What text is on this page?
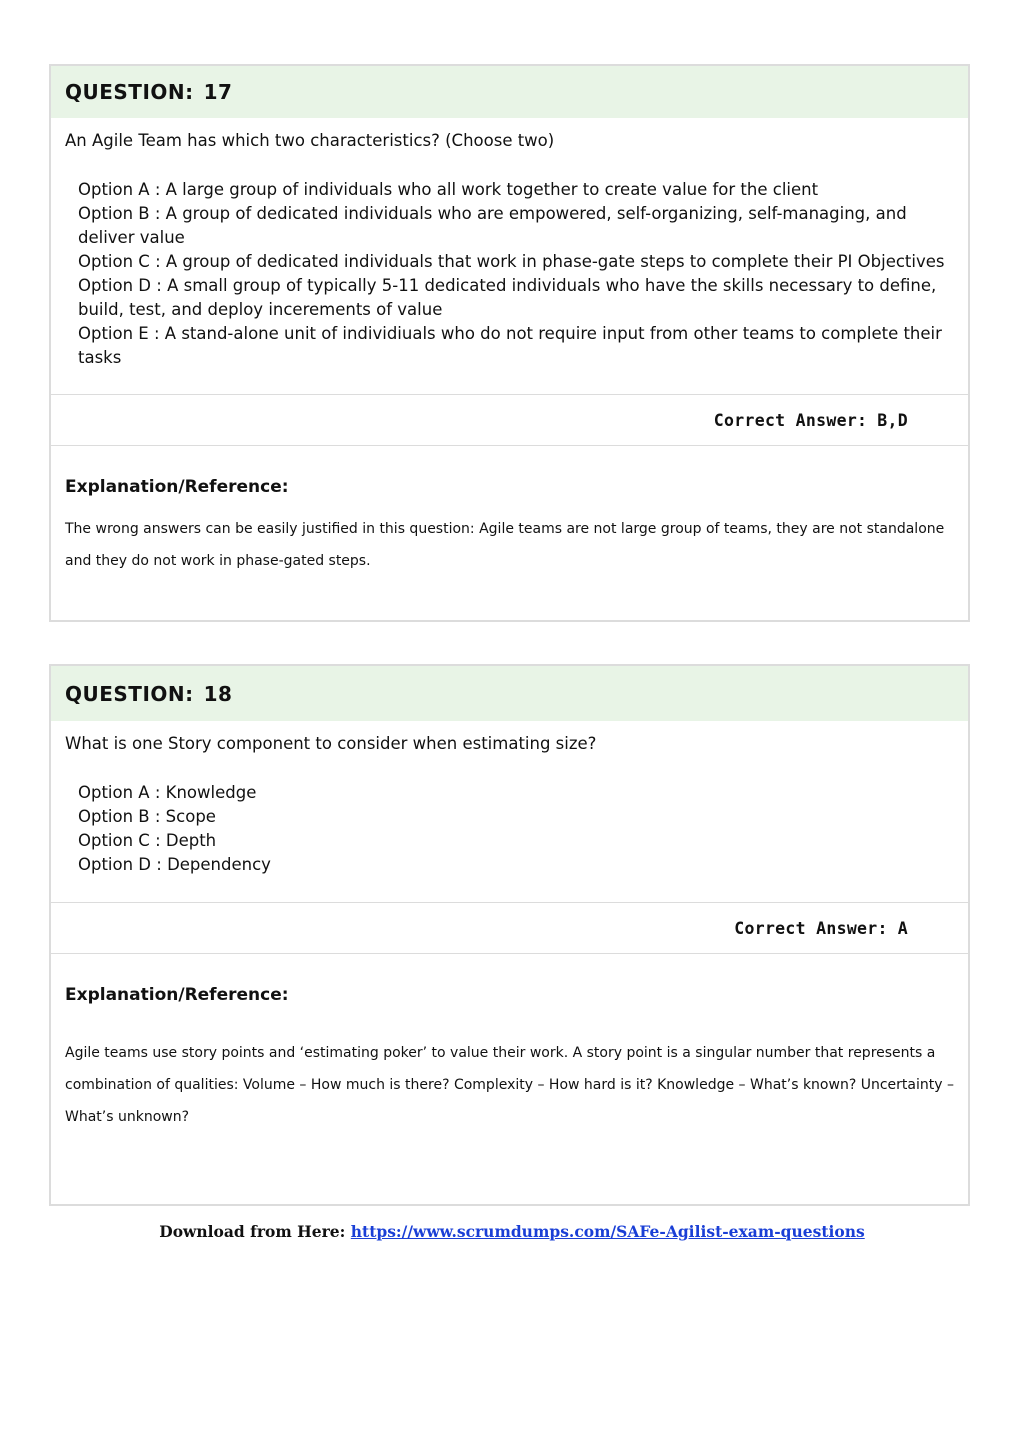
QUESTION: 17

An Agile Team has which two characteristics? (Choose two)

Option A : A large group of individuals who all work together to create value for the client

Option B : A group of dedicated individuals who are empowered, self-organizing, self-managing, and deliver value

Option C : A group of dedicated individuals that work in phase-gate steps to complete their PI Objectives

Option D : A small group of typically 5-11 dedicated individuals who have the skills necessary to define, build, test, and deploy incerements of value

Option E : A stand-alone unit of individiuals who do not require input from other teams to complete their tasks

Correct Answer: B,D

Explanation/Reference:

The wrong answers can be easily justified in this question: Agile teams are not large group of teams, they are not standalone and they do not work in phase-gated steps.

QUESTION: 18

What is one Story component to consider when estimating size?

Option A : Knowledge

Option B : Scope

Option C : Depth

Option D : Dependency

Correct Answer: A

Explanation/Reference:

Agile teams use story points and ‘estimating poker’ to value their work. A story point is a singular number that represents a combination of qualities: Volume – How much is there? Complexity – How hard is it? Knowledge – What’s known? Uncertainty – What’s unknown?

Download from Here: https://www.scrumdumps.com/SAFe-Agilist-exam-questions
